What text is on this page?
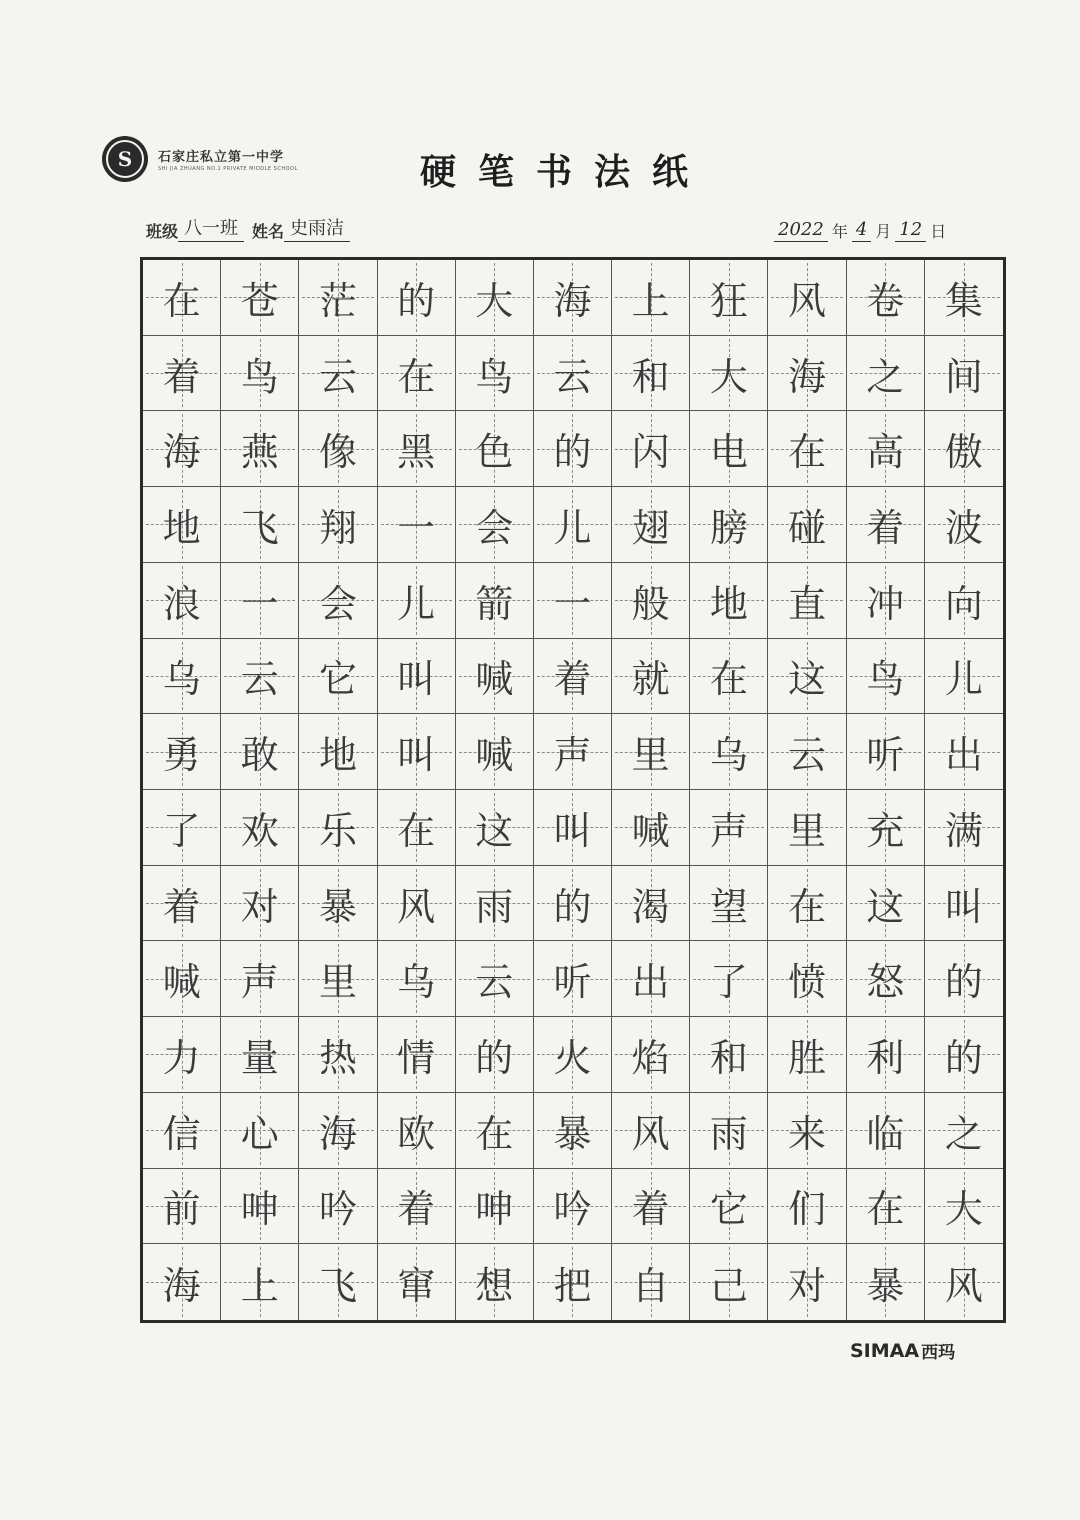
S	石家庄私立第一中学
SHI JIA ZHUANG NO.1 PRIVATE MIDDLE SCHOOL	硬笔书法纸
班级 八一班 姓名 史雨洁	2022 年 4 月 12 日
在 苍 茫 的 大 海 上 狂 风 卷 集
着 鸟 云 在 鸟 云 和 大 海 之 间
海 燕 像 黑 色 的 闪 电 在 高 傲
地 飞 翔 一 会 儿 翅 膀 碰 着 波
浪 一 会 儿 箭 一 般 地 直 冲 向
乌 云 它 叫 喊 着 就 在 这 鸟 儿
勇 敢 地 叫 喊 声 里 乌 云 听 出
了 欢 乐 在 这 叫 喊 声 里 充 满
着 对 暴 风 雨 的 渴 望 在 这 叫
喊 声 里 乌 云 听 出 了 愤 怒 的
力 量 热 情 的 火 焰 和 胜 利 的
信 心 海 欧 在 暴 风 雨 来 临 之
前 呻 吟 着 呻 吟 着 它 们 在 大
海 上 飞 窜 想 把 自 己 对 暴 风
SIMAA 西玛
